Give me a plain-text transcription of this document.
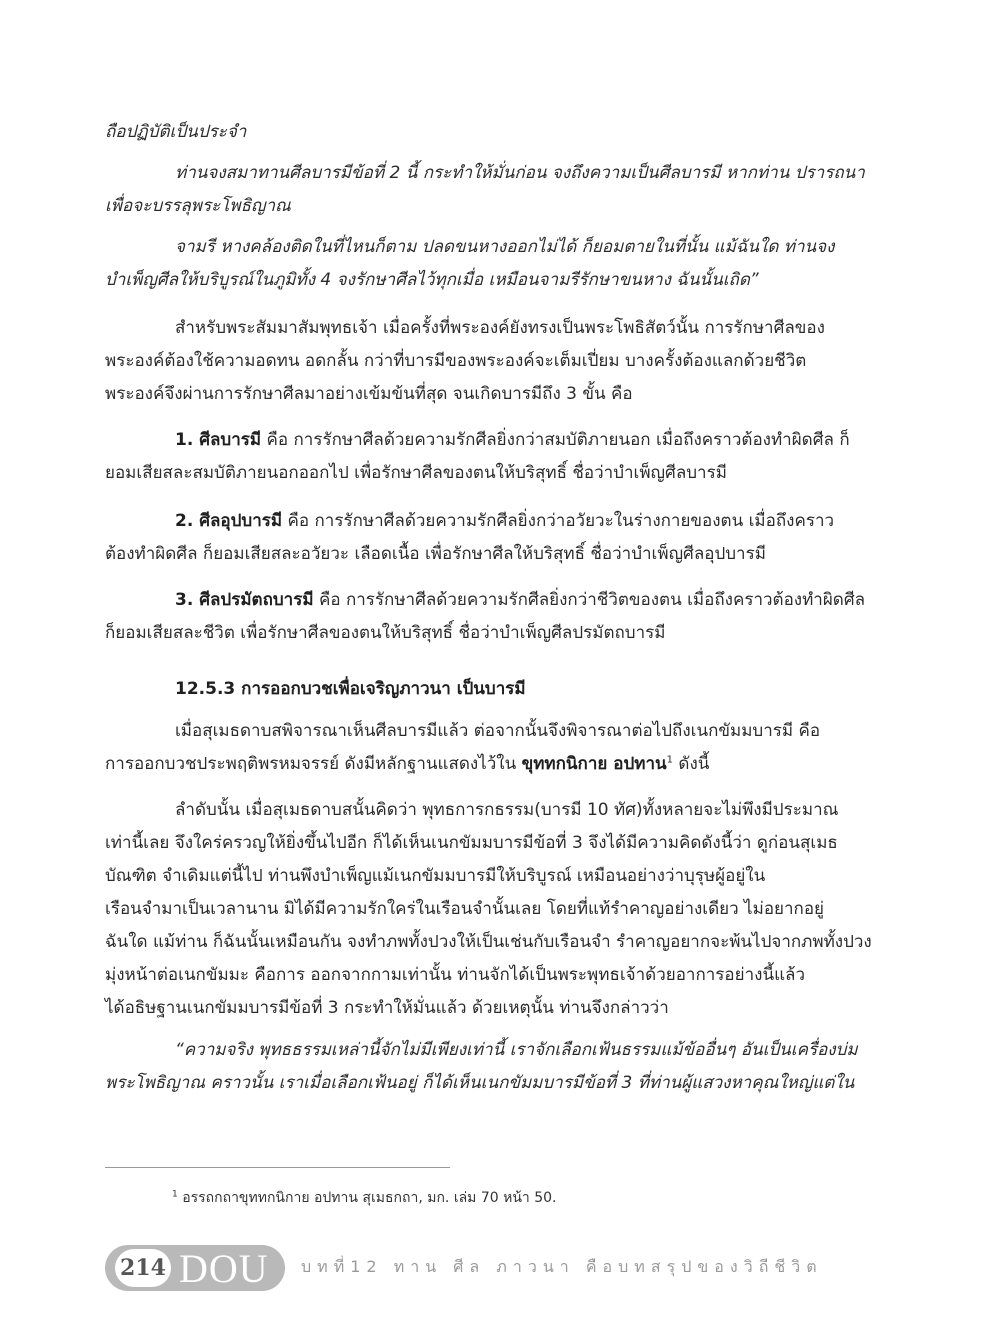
ถือปฏิบัติเป็นประจำ
ท่านจงสมาทานศีลบารมีข้อที่ 2 นี้ กระทำให้มั่นก่อน จงถึงความเป็นศีลบารมี หากท่าน ปรารถนา
เพื่อจะบรรลุพระโพธิญาณ
จามรี หางคล้องติดในที่ไหนก็ตาม ปลดขนหางออกไม่ได้ ก็ยอมตายในที่นั้น แม้ฉันใด ท่านจง
บำเพ็ญศีลให้บริบูรณ์ในภูมิทั้ง 4 จงรักษาศีลไว้ทุกเมื่อ เหมือนจามรีรักษาขนหาง ฉันนั้นเถิด”
สำหรับพระสัมมาสัมพุทธเจ้า เมื่อครั้งที่พระองค์ยังทรงเป็นพระโพธิสัตว์นั้น การรักษาศีลของ
พระองค์ต้องใช้ความอดทน อดกลั้น กว่าที่บารมีของพระองค์จะเต็มเปี่ยม บางครั้งต้องแลกด้วยชีวิต
พระองค์จึงผ่านการรักษาศีลมาอย่างเข้มข้นที่สุด จนเกิดบารมีถึง 3 ขั้น คือ
1. ศีลบารมี คือ การรักษาศีลด้วยความรักศีลยิ่งกว่าสมบัติภายนอก เมื่อถึงคราวต้องทำผิดศีล ก็
ยอมเสียสละสมบัติภายนอกออกไป เพื่อรักษาศีลของตนให้บริสุทธิ์ ชื่อว่าบำเพ็ญศีลบารมี
2. ศีลอุปบารมี คือ การรักษาศีลด้วยความรักศีลยิ่งกว่าอวัยวะในร่างกายของตน เมื่อถึงคราว
ต้องทำผิดศีล ก็ยอมเสียสละอวัยวะ เลือดเนื้อ เพื่อรักษาศีลให้บริสุทธิ์ ชื่อว่าบำเพ็ญศีลอุปบารมี
3. ศีลปรมัตถบารมี คือ การรักษาศีลด้วยความรักศีลยิ่งกว่าชีวิตของตน เมื่อถึงคราวต้องทำผิดศีล
ก็ยอมเสียสละชีวิต เพื่อรักษาศีลของตนให้บริสุทธิ์ ชื่อว่าบำเพ็ญศีลปรมัตถบารมี
12.5.3 การออกบวชเพื่อเจริญภาวนา เป็นบารมี
เมื่อสุเมธดาบสพิจารณาเห็นศีลบารมีแล้ว ต่อจากนั้นจึงพิจารณาต่อไปถึงเนกขัมมบารมี คือ
การออกบวชประพฤติพรหมจรรย์ ดังมีหลักฐานแสดงไว้ใน ขุททกนิกาย อปทาน$^1$ ดังนี้
ลำดับนั้น เมื่อสุเมธดาบสนั้นคิดว่า พุทธการกธรรม(บารมี 10 ทัศ)ทั้งหลายจะไม่พึงมีประมาณ
เท่านี้เลย จึงใคร่ครวญให้ยิ่งขึ้นไปอีก ก็ได้เห็นเนกขัมมบารมีข้อที่ 3 จึงได้มีความคิดดังนี้ว่า ดูก่อนสุเมธ
บัณฑิต จำเดิมแต่นี้ไป ท่านพึงบำเพ็ญแม้เนกขัมมบารมีให้บริบูรณ์ เหมือนอย่างว่าบุรุษผู้อยู่ใน
เรือนจำมาเป็นเวลานาน มิได้มีความรักใคร่ในเรือนจำนั้นเลย โดยที่แท้รำคาญอย่างเดียว ไม่อยากอยู่
ฉันใด แม้ท่าน ก็ฉันนั้นเหมือนกัน จงทำภพทั้งปวงให้เป็นเช่นกับเรือนจำ รำคาญอยากจะพ้นไปจากภพทั้งปวง
มุ่งหน้าต่อเนกขัมมะ คือการ ออกจากกามเท่านั้น ท่านจักได้เป็นพระพุทธเจ้าด้วยอาการอย่างนี้แล้ว
ได้อธิษฐานเนกขัมมบารมีข้อที่ 3 กระทำให้มั่นแล้ว ด้วยเหตุนั้น ท่านจึงกล่าวว่า
“ความจริง พุทธธรรมเหล่านี้จักไม่มีเพียงเท่านี้ เราจักเลือกเฟ้นธรรมแม้ข้ออื่นๆ อันเป็นเครื่องบ่ม
พระโพธิญาณ คราวนั้น เราเมื่อเลือกเฟ้นอยู่ ก็ได้เห็นเนกขัมมบารมีข้อที่ 3 ที่ท่านผู้แสวงหาคุณใหญ่แต่ใน
$^1$ อรรถกถาขุททกนิกาย อปทาน สุเมธกถา, มก. เล่ม 70 หน้า 50.
214 DOU บทที่12 ทาน ศีล ภาวนา คือบทสรุปของวิถีชีวิต
